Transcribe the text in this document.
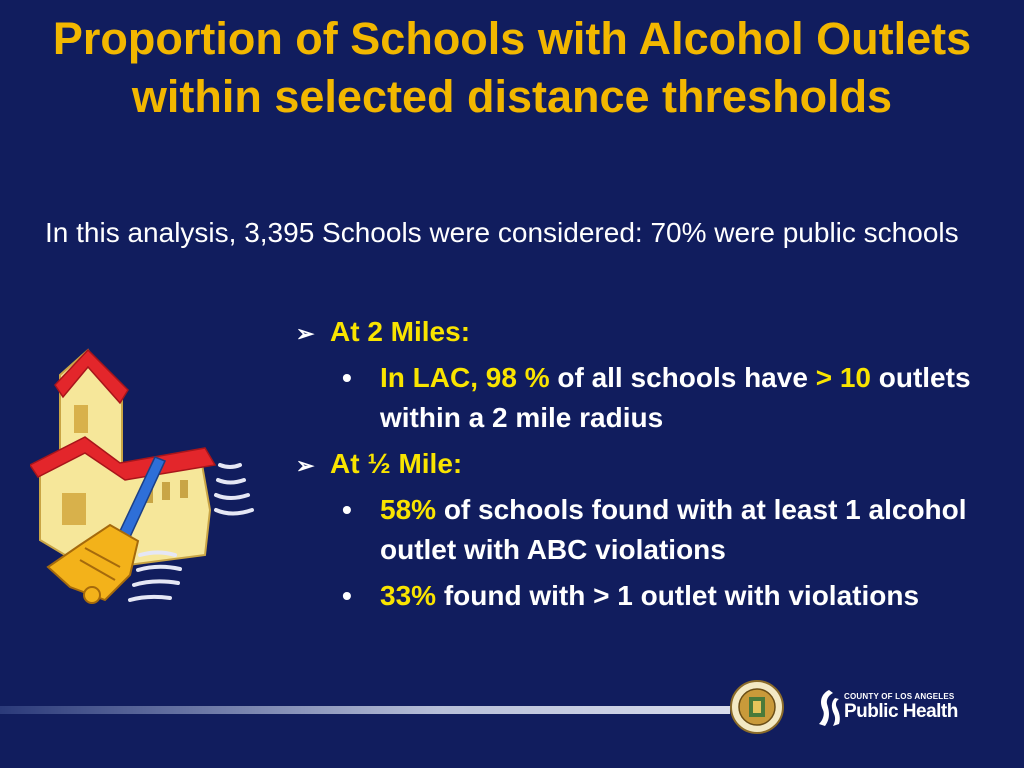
Proportion of Schools with Alcohol Outlets within selected distance thresholds
In this analysis, 3,395 Schools were considered: 70% were public schools
➢ At 2 Miles:
•	In LAC, 98 % of all schools have > 10 outlets within a 2 mile radius
➢ At ½ Mile:
•	58% of schools found with at least 1 alcohol outlet with ABC violations
•	33% found with > 1 outlet with violations
COUNTY OF LOS ANGELES
Public Health
